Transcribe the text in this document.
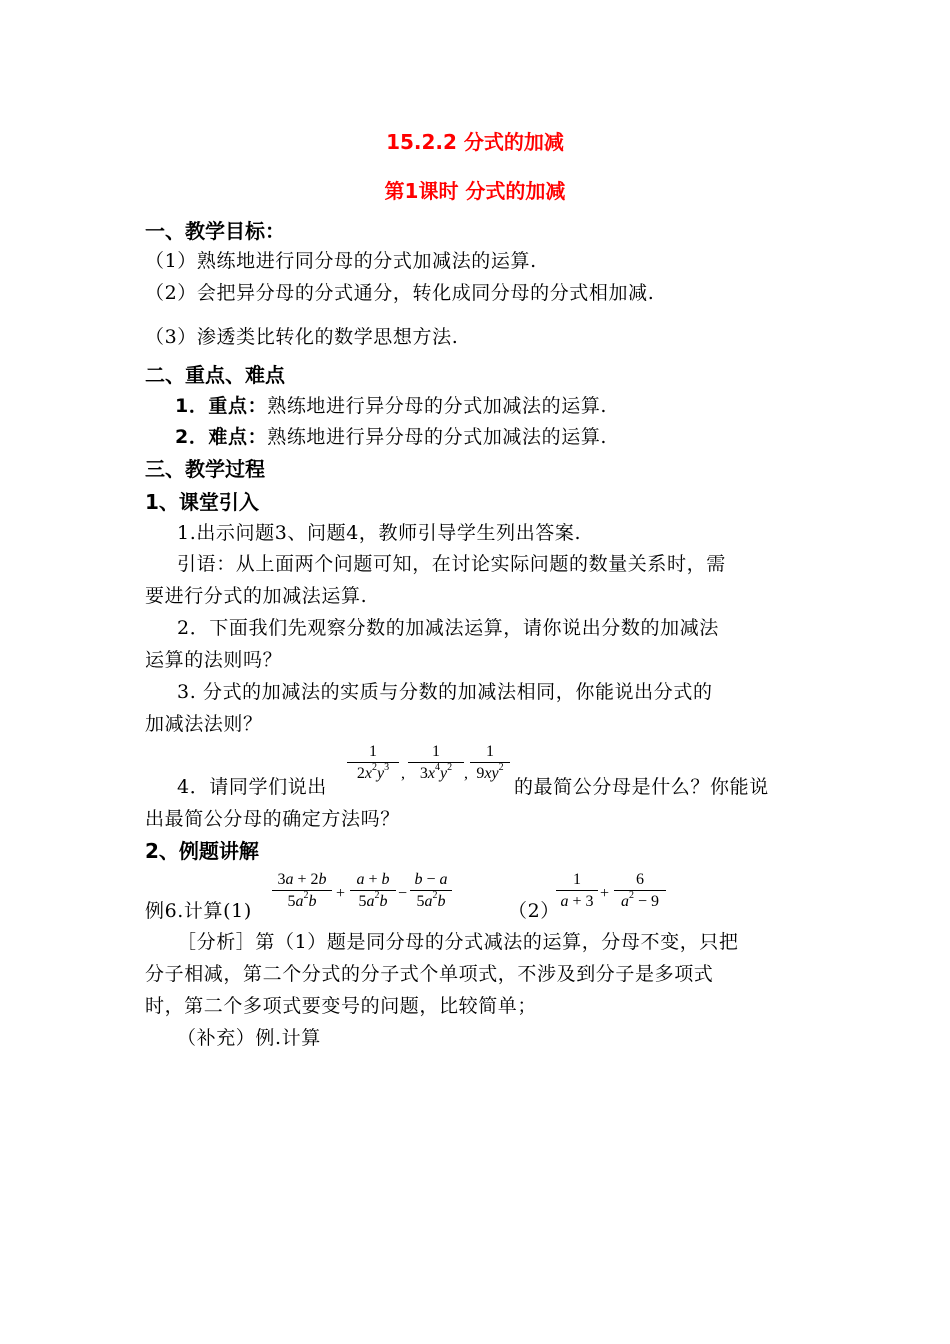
15.2.2 分式的加减
第1课时 分式的加减
一、教学目标：
（1）熟练地进行同分母的分式加减法的运算.
（2）会把异分母的分式通分，转化成同分母的分式相加减.
（3）渗透类比转化的数学思想方法.
二、重点、难点
1．重点：熟练地进行异分母的分式加减法的运算.
2．难点：熟练地进行异分母的分式加减法的运算.
三、教学过程
1、课堂引入
1.出示问题3、问题4，教师引导学生列出答案.
引语：从上面两个问题可知，在讨论实际问题的数量关系时，需
要进行分式的加减法运算.
2．下面我们先观察分数的加减法运算，请你说出分数的加减法
运算的法则吗？
3. 分式的加减法的实质与分数的加减法相同，你能说出分式的
加减法法则？
4．请同学们说出
1
$2x^2y^3$ ,
1
$3x^4y^2$ ,
1
$9xy^2$
的最简公分母是什么？你能说
出最简公分母的确定方法吗？
2、例题讲解
例6.计算(1)
3a + 2b
$5a^2b$	+
a + b
$5a^2b$ −
b − a
$5a^2b$	（2）
1
a + 3 +
6
$a^2 - 9$
［分析］第（1）题是同分母的分式减法的运算，分母不变，只把
分子相减，第二个分式的分子式个单项式，不涉及到分子是多项式
时，第二个多项式要变号的问题，比较简单；
（补充）例.计算
